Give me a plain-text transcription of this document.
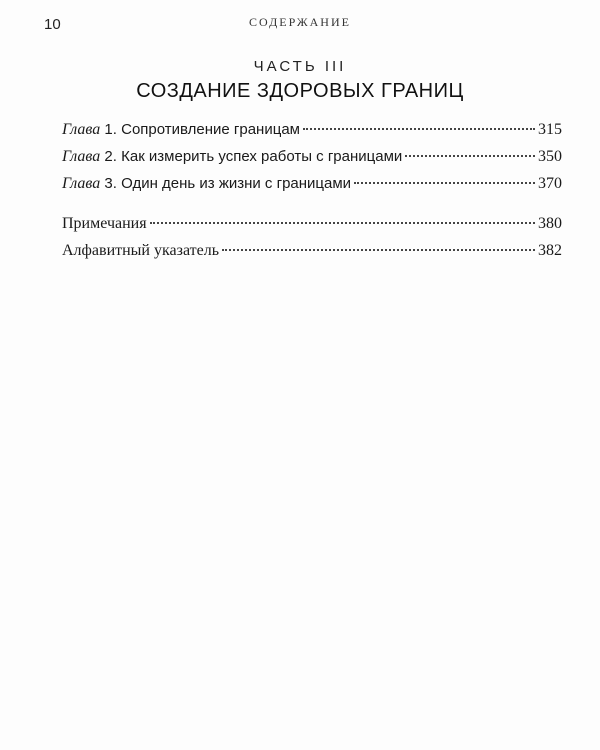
10	СОДЕРЖАНИЕ
ЧАСТЬ III
СОЗДАНИЕ ЗДОРОВЫХ ГРАНИЦ
Глава 1. Сопротивление границам	315
Глава 2. Как измерить успех работы с границами	350
Глава 3. Один день из жизни с границами	370
Примечания	380
Алфавитный указатель	382
